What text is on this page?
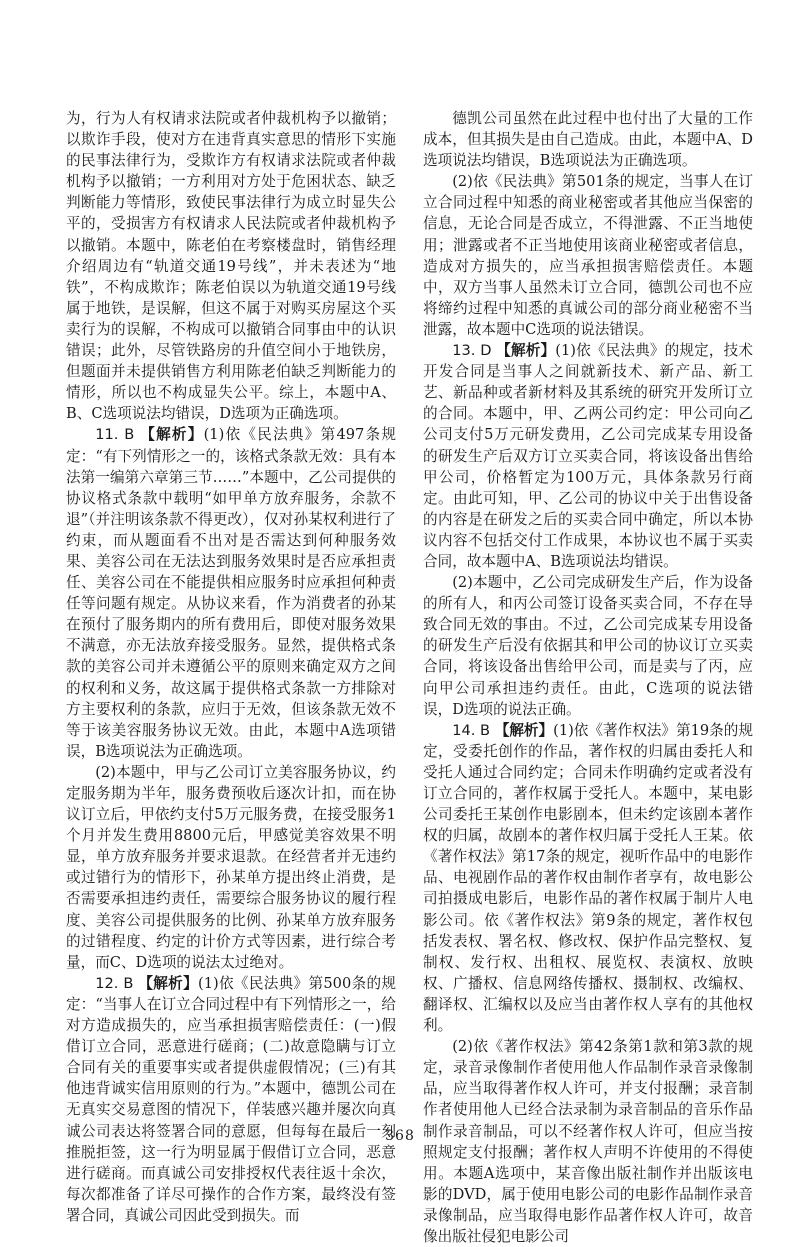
为，行为人有权请求法院或者仲裁机构予以撤销；以欺诈手段，使对方在违背真实意思的情形下实施的民事法律行为，受欺诈方有权请求法院或者仲裁机构予以撤销；一方利用对方处于危困状态、缺乏判断能力等情形，致使民事法律行为成立时显失公平的，受损害方有权请求人民法院或者仲裁机构予以撤销。本题中，陈老伯在考察楼盘时，销售经理介绍周边有“轨道交通19号线”，并未表述为“地铁”，不构成欺诈；陈老伯误以为轨道交通19号线属于地铁，是误解，但这不属于对购买房屋这个买卖行为的误解，不构成可以撤销合同事由中的认识错误；此外，尽管铁路房的升值空间小于地铁房，但题面并未提供销售方利用陈老伯缺乏判断能力的情形，所以也不构成显失公平。综上，本题中A、B、C选项说法均错误，D选项为正确选项。

11. B 【解析】(1)依《民法典》第497条规定：“有下列情形之一的，该格式条款无效：具有本法第一编第六章第三节……”本题中，乙公司提供的协议格式条款中载明“如甲单方放弃服务，余款不退”（并注明该条款不得更改），仅对孙某权利进行了约束，而从题面看不出对是否需达到何种服务效果、美容公司在无法达到服务效果时是否应承担责任、美容公司在不能提供相应服务时应承担何种责任等问题有规定。从协议来看，作为消费者的孙某在预付了服务期内的所有费用后，即使对服务效果不满意，亦无法放弃接受服务。显然，提供格式条款的美容公司并未遵循公平的原则来确定双方之间的权利和义务，故这属于提供格式条款一方排除对方主要权利的条款，应归于无效，但该条款无效不等于该美容服务协议无效。由此，本题中A选项错误，B选项说法为正确选项。

(2)本题中，甲与乙公司订立美容服务协议，约定服务期为半年，服务费预收后逐次计扣，而在协议订立后，甲依约支付5万元服务费，在接受服务1个月并发生费用8800元后，甲感觉美容效果不明显，单方放弃服务并要求退款。在经营者并无违约或过错行为的情形下，孙某单方提出终止消费，是否需要承担违约责任，需要综合服务协议的履行程度、美容公司提供服务的比例、孙某单方放弃服务的过错程度、约定的计价方式等因素，进行综合考量，而C、D选项的说法太过绝对。

12. B 【解析】(1)依《民法典》第500条的规定：“当事人在订立合同过程中有下列情形之一，给对方造成损失的，应当承担损害赔偿责任：(一)假借订立合同，恶意进行磋商；(二)故意隐瞒与订立合同有关的重要事实或者提供虚假情况；(三)有其他违背诚实信用原则的行为。”本题中，德凯公司在无真实交易意图的情况下，佯装感兴趣并屡次向真诚公司表达将签署合同的意愿，但每每在最后一刻推脱拒签，这一行为明显属于假借订立合同，恶意进行磋商。而真诚公司安排授权代表往返十余次，每次都准备了详尽可操作的合作方案，最终没有签署合同，真诚公司因此受到损失。而

德凯公司虽然在此过程中也付出了大量的工作成本，但其损失是由自己造成。由此，本题中A、D选项说法均错误，B选项说法为正确选项。

(2)依《民法典》第501条的规定，当事人在订立合同过程中知悉的商业秘密或者其他应当保密的信息，无论合同是否成立，不得泄露、不正当地使用；泄露或者不正当地使用该商业秘密或者信息，造成对方损失的，应当承担损害赔偿责任。本题中，双方当事人虽然未订立合同，德凯公司也不应将缔约过程中知悉的真诚公司的部分商业秘密不当泄露，故本题中C选项的说法错误。

13. D 【解析】(1)依《民法典》的规定，技术开发合同是当事人之间就新技术、新产品、新工艺、新品种或者新材料及其系统的研究开发所订立的合同。本题中，甲、乙两公司约定：甲公司向乙公司支付5万元研发费用，乙公司完成某专用设备的研发生产后双方订立买卖合同，将该设备出售给甲公司，价格暂定为100万元，具体条款另行商定。由此可知，甲、乙公司的协议中关于出售设备的内容是在研发之后的买卖合同中确定，所以本协议内容不包括交付工作成果，本协议也不属于买卖合同，故本题中A、B选项说法均错误。

(2)本题中，乙公司完成研发生产后，作为设备的所有人，和丙公司签订设备买卖合同，不存在导致合同无效的事由。不过，乙公司完成某专用设备的研发生产后没有依据其和甲公司的协议订立买卖合同，将该设备出售给甲公司，而是卖与了丙，应向甲公司承担违约责任。由此，C选项的说法错误，D选项的说法正确。

14. B 【解析】(1)依《著作权法》第19条的规定，受委托创作的作品，著作权的归属由委托人和受托人通过合同约定；合同未作明确约定或者没有订立合同的，著作权属于受托人。本题中，某电影公司委托王某创作电影剧本，但未约定该剧本著作权的归属，故剧本的著作权归属于受托人王某。依《著作权法》第17条的规定，视听作品中的电影作品、电视剧作品的著作权由制作者享有，故电影公司拍摄成电影后，电影作品的著作权属于制片人电影公司。依《著作权法》第9条的规定，著作权包括发表权、署名权、修改权、保护作品完整权、复制权、发行权、出租权、展览权、表演权、放映权、广播权、信息网络传播权、摄制权、改编权、翻译权、汇编权以及应当由著作权人享有的其他权利。

(2)依《著作权法》第42条第1款和第3款的规定，录音录像制作者使用他人作品制作录音录像制品，应当取得著作权人许可，并支付报酬；录音制作者使用他人已经合法录制为录音制品的音乐作品制作录音制品，可以不经著作权人许可，但应当按照规定支付报酬；著作权人声明不许使用的不得使用。本题A选项中，某音像出版社制作并出版该电影的DVD，属于使用电影公司的电影作品制作录音录像制品，应当取得电影作品著作权人许可，故音像出版社侵犯电影公司

368
